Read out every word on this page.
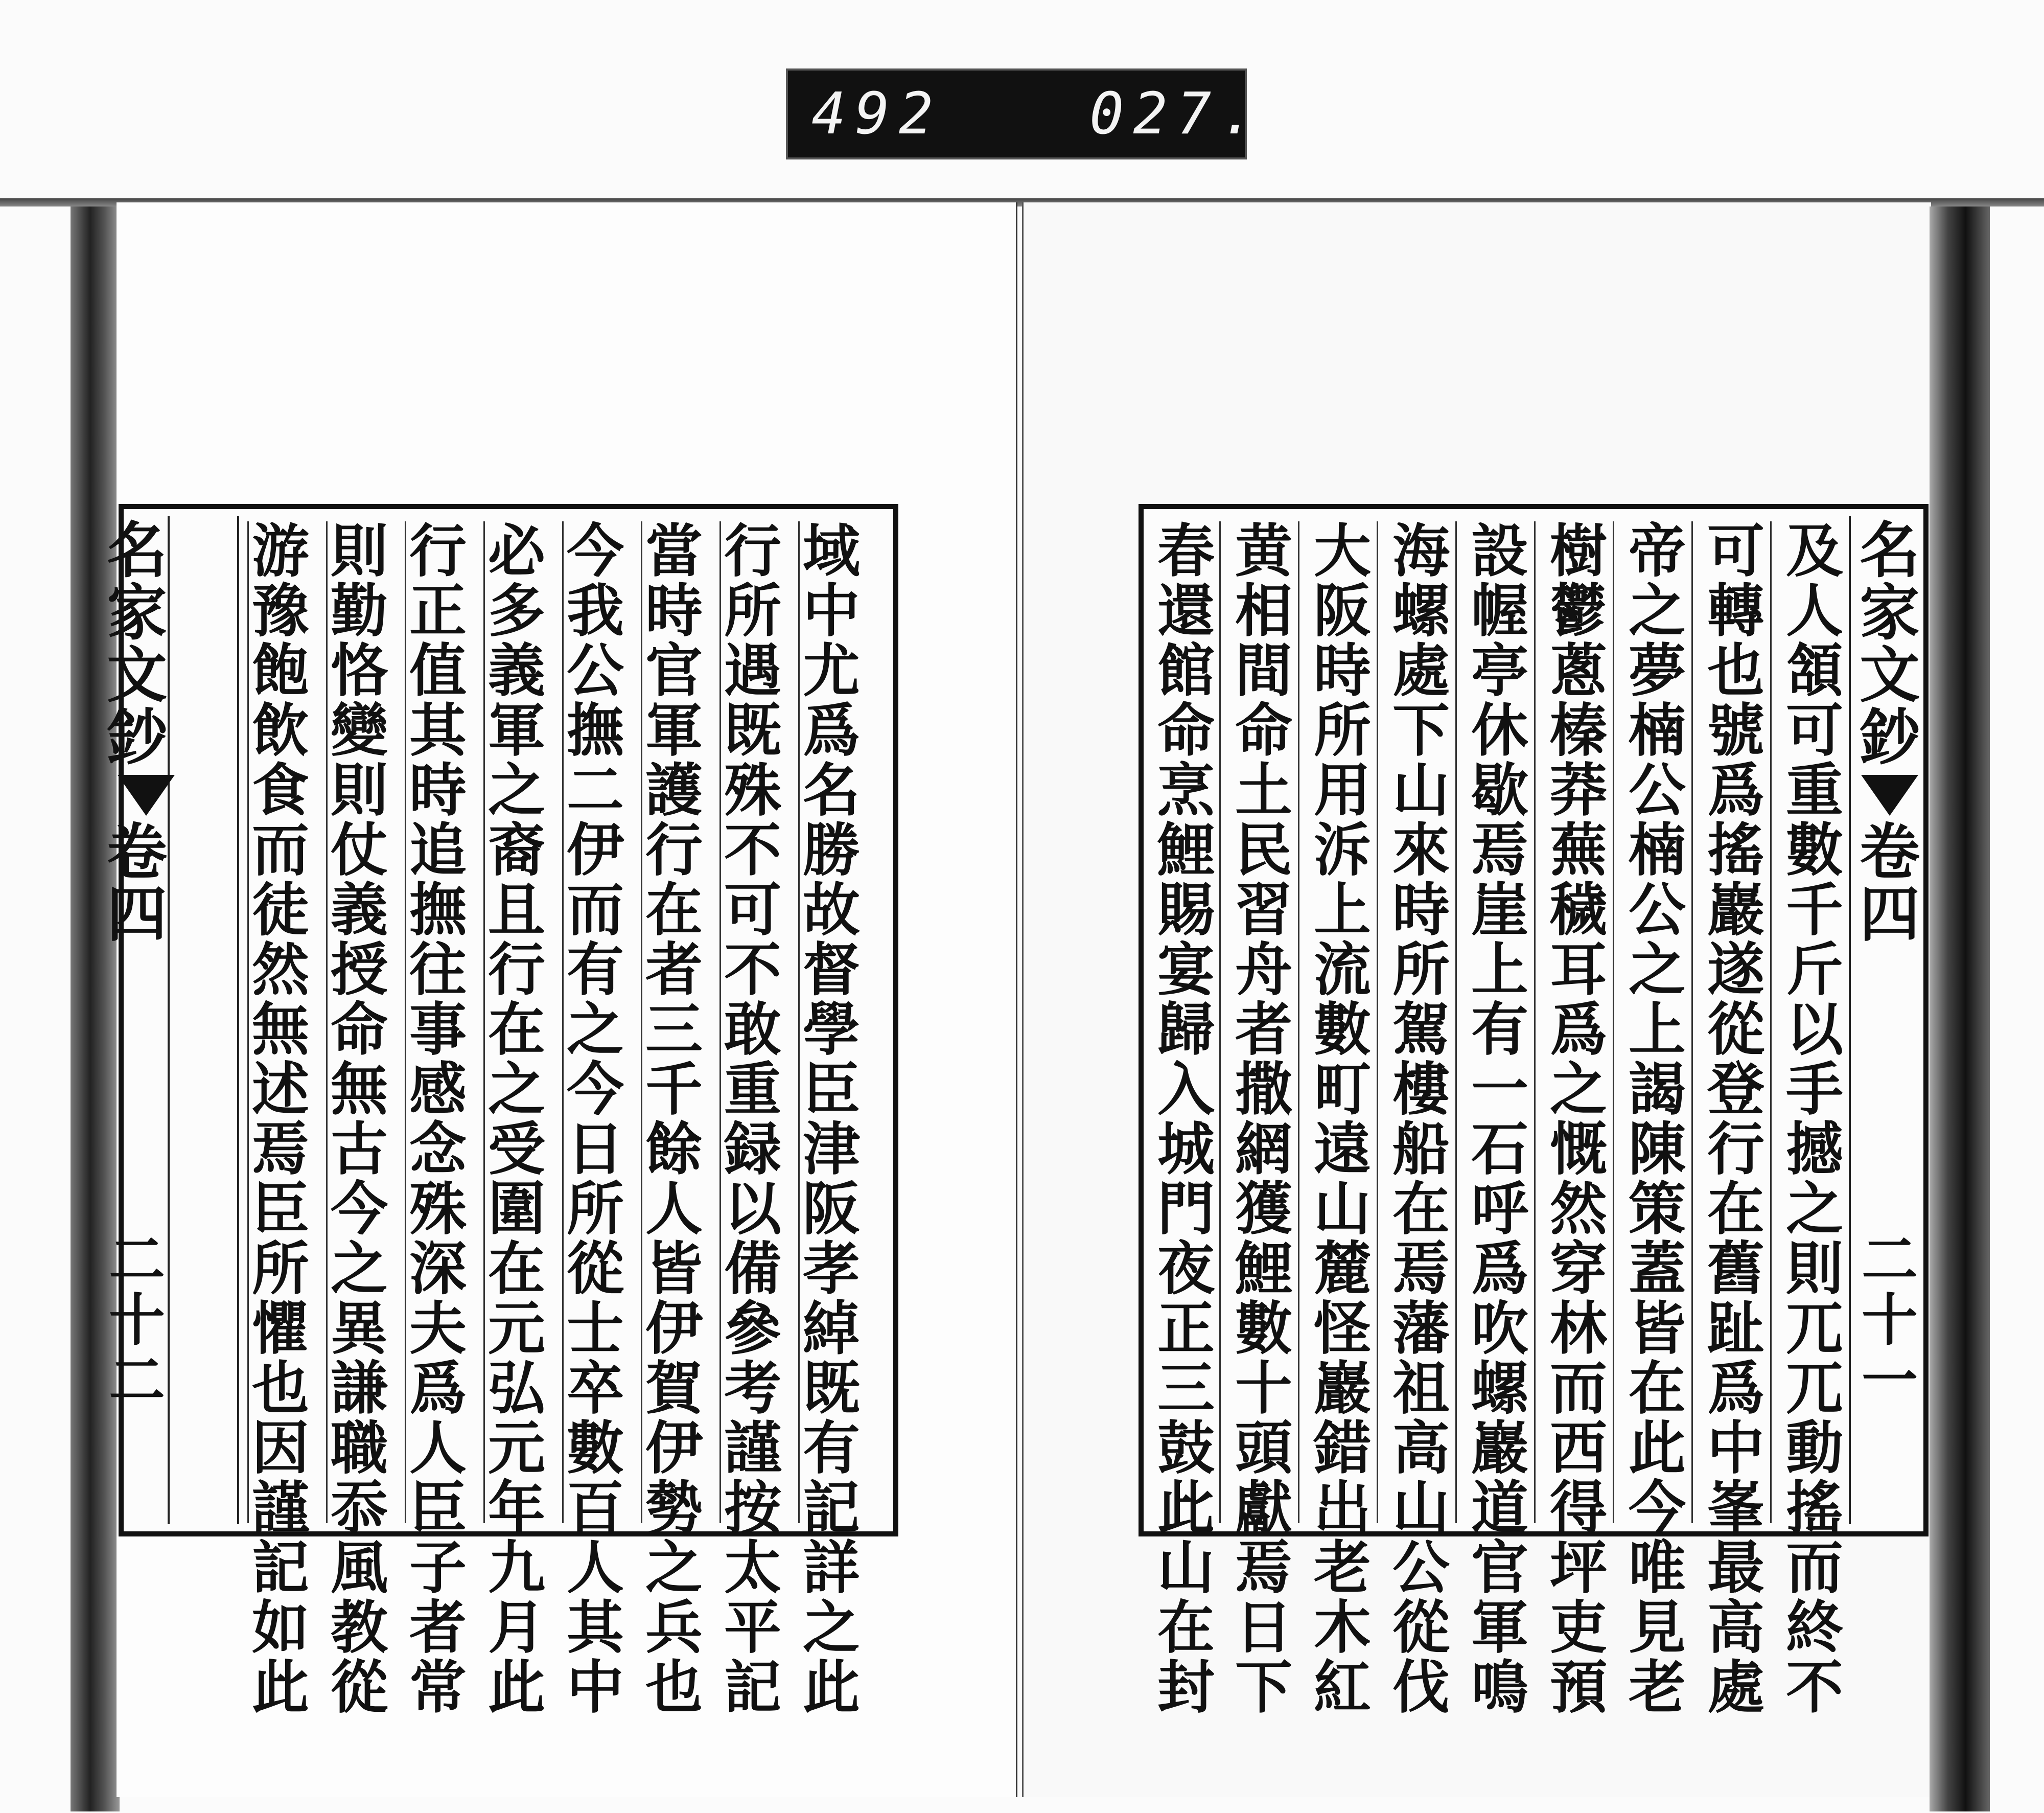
492	027.
名家文鈔
卷四
二十二
游豫飽飲食而徒然無述焉臣所懼也因謹記如此
則勤恪變則仗義授命無古今之異謙職忝風教從
行正值其時追撫往事感念殊深夫爲人臣子者常
必多義軍之裔且行在之受圍在元弘元年九月此
今我公撫二伊而有之今日所從士卒數百人其中
當時官軍護行在者三千餘人皆伊賀伊勢之兵也
行所遇既殊不可不敢重録以備參考謹按太平記
域中尤爲名勝故督學臣津阪孝綽既有記詳之此
春還館命烹鯉賜宴歸入城門夜正三鼓此山在封
黄相間命土民習舟者撒網獲鯉數十頭獻焉日下
大阪時所用泝上流數町遠山麓怪巖錯出老木紅
海螺處下山來時所駕樓船在焉藩祖高山公從伐
設幄亭休歇焉崖上有一石呼爲吹螺巖道官軍鳴
樹鬱蔥榛莽蕪穢耳爲之慨然穿林而西得坪吏預
帝之夢楠公楠公之上謁陳策蓋皆在此今唯見老
可轉也號爲搖巖遂從登行在舊趾爲中峯最高處
及人頷可重數千斤以手撼之則兀兀動搖而終不
名家文鈔
卷四
二十一
